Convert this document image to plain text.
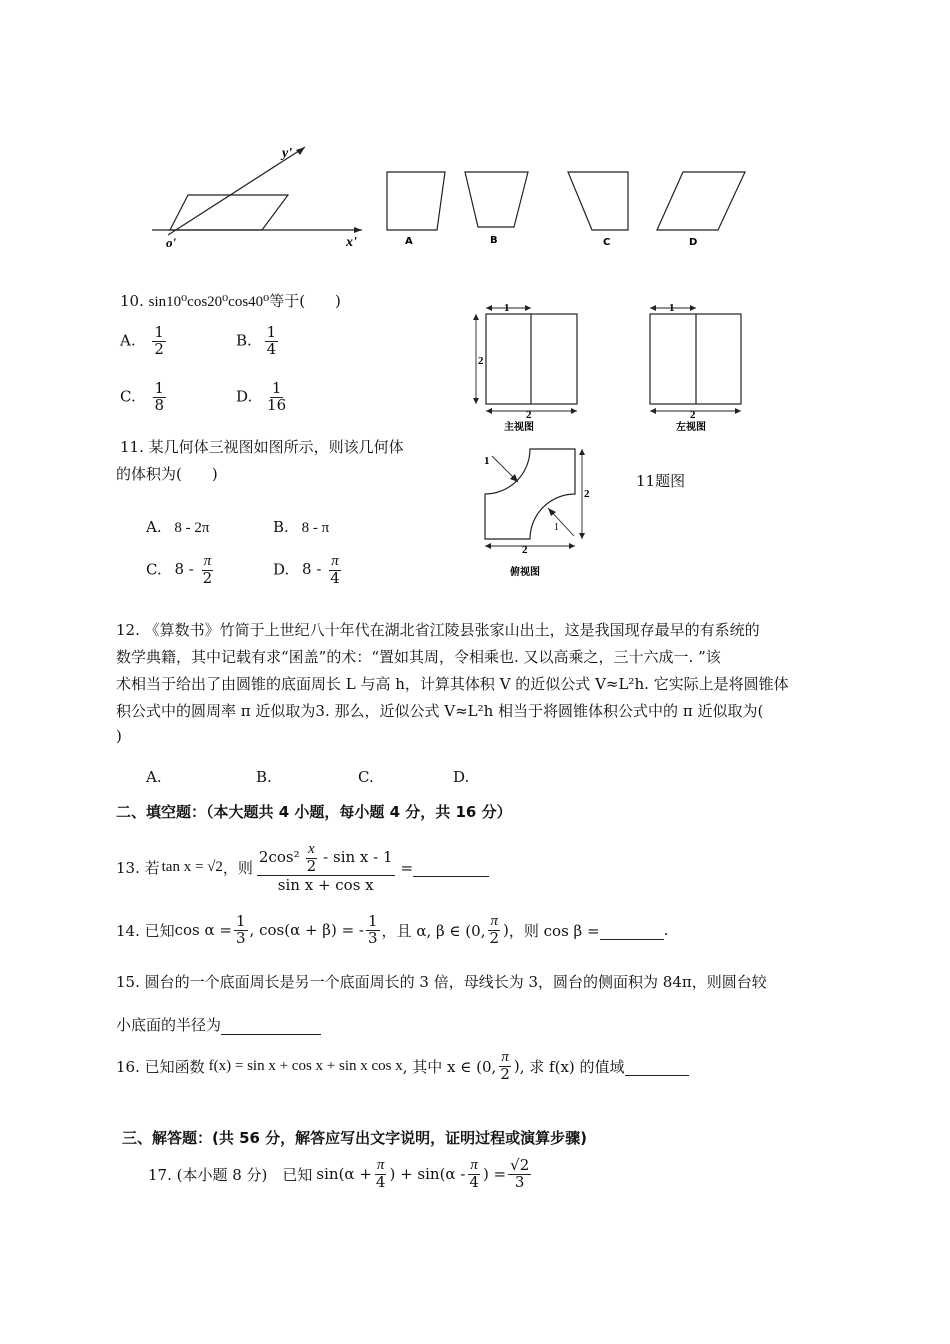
y'
x'
o'	A	B	C	D
10. sin10⁰cos20⁰cos40⁰等于(　　)
A. $\frac{1}{2}$	B. $\frac{1}{4}$
C. $\frac{1}{8}$	D. $\frac{1}{16}$
11. 某几何体三视图如图所示，则该几何体
的体积为(　　)
A. 8 - 2π	B. 8 - π
C. $8 - \frac{\pi}{2}$	D. $8 - \frac{\pi}{4}$
1
2
2
1
2
2
2
1
1
主视图	左视图
俯视图
11题图
12. 《算数书》竹简于上世纪八十年代在湖北省江陵县张家山出土，这是我国现存最早的有系统的
数学典籍，其中记载有求“囷盖”的术：“置如其周，令相乘也. 又以高乘之，三十六成一. ”该
术相当于给出了由圆锥的底面周长 L 与高 h，计算其体积 V 的近似公式 V≈L²h. 它实际上是将圆锥体
积公式中的圆周率 π 近似取为3. 那么，近似公式 V≈L²h 相当于将圆锥体积公式中的 π 近似取为(
)
A.	B.	C.	D.
二、填空题：（本大题共 4 小题，每小题 4 分，共 16 分）
13. 若 tan x = √2 ，则 $\frac{2\cos^2 \frac{x}{2} - \sin x - 1}{\text{sin x + cos x}}$ =
14. 已知 $\cos \alpha = \frac{1}{3}$ , cos(α + β) = - $\frac{1}{3}$ ，且 α, β ∈ (0, $\frac{\pi}{2}$ ) ，则 cos β =	.
15. 圆台的一个底面周长是另一个底面周长的 3 倍，母线长为 3，圆台的侧面积为 84π，则圆台较
小底面的半径为
16. 已知函数 f(x) = sin x + cos x + sin x cos x , 其中 x ∈ (0, $\frac{\pi}{2}$ ) , 求 f(x) 的值域
三、解答题：(共 56 分，解答应写出文字说明，证明过程或演算步骤)
17. (本小题 8 分)　已知 $\sin(\alpha + \frac{\pi}{4}$ ) + $\sin(\alpha - \frac{\pi}{4}$ ) = $\frac{√2}{3}$
